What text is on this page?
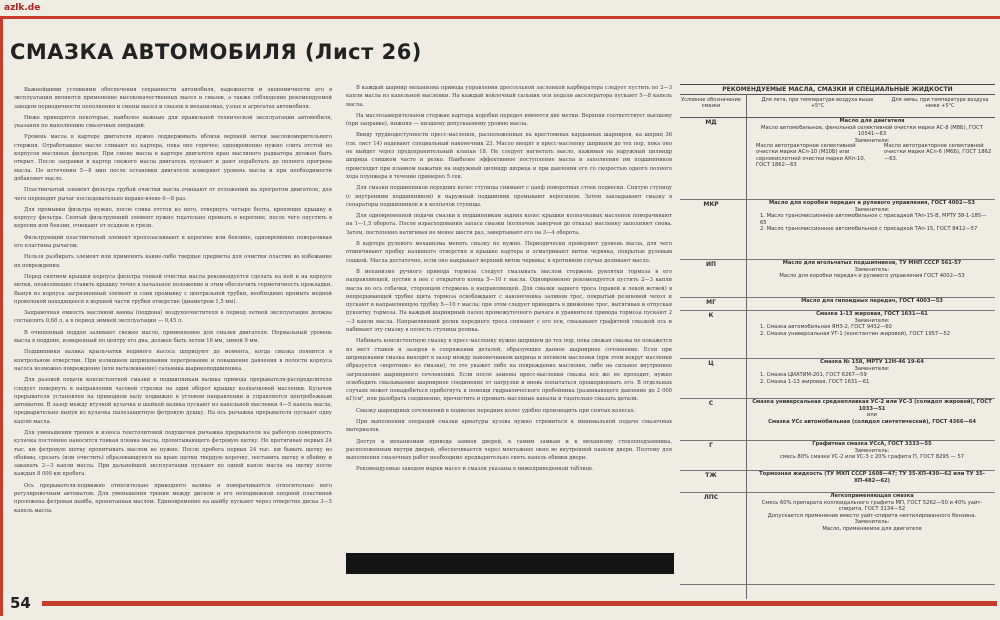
azlk.de
СМАЗКА АВТОМОБИЛЯ (Лист 26)

Важнейшими условиями обеспечения сохранности автомобиля, надежности и экономичности его в эксплуатации являются применение высококачественных масел и смазок, а также соблюдение рекомендуемой заводом периодичности пополнения и смены масел и смазок в механизмах, узлах и агрегатах автомобиля.

Ниже приводятся некоторые, наиболее важные для правильной технической эксплуатации автомобиля, указания по выполнению смазочных операций.

Уровень масла в картере двигателя нужно поддерживать вблизи верхней метки маслоизмерительного стержня. Отработавшее масло сливают из картера, пока оно горячее; одновременно нужно слить отстой из корпусов масляных фильтров. При смене масла в картере двигателя кран масляного радиатора должен быть открыт. После заправки в картер свежего масла двигатель пускают и дают поработать до полного прогрева масла. По истечении 5—8 мин после остановки двигателя измеряют уровень масла и при необходимости добавляют масло.

Пластинчатый элемент фильтра грубой очистки масла очищают от отложений на прогретом двигателе, для чего переводят рычаг последовательно вправо-влево 6—8 раз.

Для промывки фильтра нужно, после слива отстоя из него, отвернуть четыре болта, крепящих крышку к корпусу фильтра. Снятый фильтрующий элемент нужно тщательно промыть в керосине, после чего опустить в керосин или бензин, очищают от осадков и грязи.

Фильтрующий пластинчатый элемент прополаскивают в керосине или бензине, одновременно поворачивая его пластины рычагом.

Нельзя разбирать элемент или применять какие-либо твердые предметы для очистки пластин во избежание их повреждения.

Перед снятием крышки корпуса фильтра тонкой очистки масла рекомендуется сделать на ней и на корпусе метки, позволяющие ставить крышку точно в начальное положение и этим обеспечить герметичность прокладки. Вынув из корпуса загрязненный элемент и слив промывку с центральной трубки, необходимо промыть медной проволокой находящееся в верхней части трубки отверстие (диаметром 1,5 мм).

Заправочная емкость масляной ванны (поддона) воздухоочистителя в период летней эксплуатации должна составлять 0,68 л, а в период зимней эксплуатации — 0,45 л.

В очищенный поддон заливают свежее масло, применяемое для смазки двигателя. Нормальный уровень масла в поддоне, измеренный по центру его дна, должен быть летом 16 мм, зимой 9 мм.

Подшипники валика крыльчатки водяного насоса шприцуют до момента, когда смазка появится в контрольном отверстии. При излишнем шприцевании перегревание и повышение давления в полости корпуса насоса возможно повреждение (или выталкивание) сальника шарикоподшипника.

Для разовой подачи консистентной смазки к подшипникам валика привода прерывателя-распределителя следует повернуть в направлении часовой стрелки на один оборот крышку колпачковой масленки. Кулачок прерывателя установлен на приводном валу подвижно в угловом направлении и управляется центробежным автоматом. В зазор между втулкой кулачка и шейкой валика пускают из капельной масленки 4—5 капель масла, предварительно вынув из кулачка пылезащитную фетровую душку. На ось рычажка прерывателя пускают одну каплю масла.

Для уменьшения трения и износа текстолитовой подушечки рычажка прерывателя на рабочую поверхность кулачка постоянно наносится тонкая пленка масла, пропитывающего фетровую щетку. Не протягивая первых 24 тыс. км фетровую щетку пропитывать маслом не нужно. После пробега первых 24 тыс. км бывать щетку из обоймы, срезать (или очистить) образовавшуюся на краю щетки твердую корочку, поставить щетку в обойму и закапать 2—3 капли масла. При дальнейшей эксплуатации пускают по одной капле масла на щетку после каждых 8 000 км пробега.

Ось прерывателя-подвижно относительно приводного валика и поворачивается относительно него регулировочным автоматом. Для уменьшения трения между диском и его неподвижной опорной пластиной проложена фетровая шайба, пропитанная маслом. Единовременно на шайбу пускают через отверстие диска 3—5 капель масла.

В каждый шарнир механизма привода управления дроссельной заслонкой карбюратора следует пустить по 2—3 капли масла из капельной масленки. На каждый войлочный сальник оси педали акселератора пускают 5—8 капель масла.

На маслозамерительном стержне картера коробки передач имеются две метки. Верхняя соответствует высшему (при заправке), нижняя — низшему допускаемому уровню масла.

Ввиду труднодоступности пресс-масленок, расположенных на крестовинах карданных шарниров, на шприц 36 (см. лист 14) надевают специальный наконечник 23. Масло вводят в пресс-масленку шприцем до тех пор, пока оно не выйдет через предохранительный клапан 18. Не следует нагнетать масло, нажимая на наружный цилиндр шприца слишком часто и резко. Наиболее эффективное поступление масла и заполнение им подшипников происходит при плавном нажатии на наружный цилиндр шприца и при давлении его со скоростью одного полного хода плунжера в течение примерно 5 сек.

Для смазки подшипников передних колес ступицы снимают с цапф поворотных стоек подвески. Снятую ступицу (с внутренним подшипником) и наружный подшипник промывают керосином. Затем закладывают смазку в сепараторы подшипников и в колпачок ступицы.

Для одновременной подачи смазки к подшипникам задних колес крышки колпачковых масленок поворачивают на 1—1,5 оборота. После израсходования запаса смазки (колпачок заверчен до отказа) масленку заполняют снова. Затем, постепенно натягивая не менее шести раз, завертывают его на 3—4 оборота.

В картере рулевого механизма менять смазку не нужно. Периодически проверяют уровень масла, для чего отвинчивают пробку наливного отверстия в крышке картера и осматривают витки червяка, покрытые рулевым сошкой. Масла достаточно, если оно накрывает верхний виток червяка; в противном случае доливают масло.

В механизме ручного привода тормоза следует смазывать маслом стержень рукоятки тормоза в его направляющей, пустив в нее с открытого конца 5—10 г масла. Одновременно рекомендуется пустить 2—3 капли масла во ось собачки, сторонцем стержень в направляющей. Для смазки заднего троса (правой и левой ветвей) в непрерывающей трубке щита тормоза освобождают с наконечника заливом трос, покрытый резиновой чехол и пускают в направляющую трубку 5—10 г масла; при этом следует приводить в движение трос, вытягивая и отпуская рукоятку тормоза. На каждый шарнирный палец промежуточного рычага и уравнителя привода тормоза пускают 2—3 капли масла. Направляющий ролик переднего троса снимают с его оси, смазывают графитной смазкой ось и набивают эту смазку в полость ступицы ролика.

Набивать консистентную смазку в пресс-масленку нужно шприцем до тех пор, пока свежая смазка не покажется из мест стыков и зазоров в сопряжении деталей, образующих данное шарнирное сочленение. Если при шприцевании смазка выходит в зазор между наконечником шприца и носиком масленки (при этом вокруг масленки образуется «воротник» из смазки), то это укажет либо на повреждение масленки, либо на сильное внутреннее загрязнение шарнирного сочленения. Если после замены пресс-масленки смазка все же не проходит, нужно освободить смазываемое шарнирное соединение от нагрузки и вновь попытаться прошприцевать его. В отдельных случаях может понадобиться прибегнуть к помощи гидравлического пробойника (развивающего давление до 2 000 кГ/см², или разобрать соединение, прочистить и промыть масляные каналы и тщательно смазать детали.

Смазку шарнирных сочленений в подвеске передних колес удобно производить при снятых колесах.

При выполнении операций смазки арматуры кузова нужно стремиться к минимальной подаче смазочных материалов.

Доступ к механизмам привода замков дверей, к самим замкам и к механизму стеклоподъемника, расположенным внутри дверей, обеспечивается через монтажное окно во внутренней панели двери. Поэтому для выполнения смазочных работ необходимо предварительно снять панель обивки двери.

Рекомендуемые заводом марки масел и смазок указаны в нижеприведенной таблице.

РЕКОМЕНДУЕМЫЕ МАСЛА, СМАЗКИ И СПЕЦИАЛЬНЫЕ ЖИДКОСТИ
Условное обозначение смазки
Для лета, при температуре воздуха выше +5°С
Для зимы, при температуре воздуха ниже +5°С
МД	Масло для двигателя
Масло автомобильное, фенольной селективной очистки марки АС-8 (М8Б), ГОСТ 10541—63
Заменители:
Масло автотракторное селективной очистки марки АСп-10 (М10Б) или сернокислотной очистки марки АКп-10, ГОСТ 1862—63
Масло автотракторное селективной очистки марки АСп-6 (М6Б), ГОСТ 1862—63.
МКР	Масло для коробки передач и рулевого управления, ГОСТ 4002—53
Заменители:
1. Масло трансмиссионное автомобильное с присадкой ТАп-15-В, МРТУ 38-1-185—65
2. Масло трансмиссионное автомобильное с присадкой ТАп-15, ГОСТ 8412—57
ИП	Масло для игольчатых подшипников, ТУ МНП СССР 561-57
Заменитель:
Масло для коробки передач и рулевого управления ГОСТ 4002—53
МГ	Масло для гипоидных передач, ГОСТ 4003—53
К	Смазка 1-13 жировая, ГОСТ 1631—61
Заменители:
1. Смазка автомобильная ЯНЗ-2, ГОСТ 9432—60
2. Смазка универсальная УТ-1 (константин жировой), ГОСТ 1957—52
Ц	Смазка № 158, МРТУ 12Н-46 19-64
Заменители:
1. Смазка ЦИАТИМ-201, ГОСТ 6267—59
2. Смазка 1-13 жировая, ГОСТ 1631—61
С	Смазка универсальная среднеплавкая УС-2 или УС-3 (солидол жировой), ГОСТ 1033—51
или
Смазка УСс автомобильная (солидол синтетический), ГОСТ 4366—64
Г	Графитная смазка УСсА, ГОСТ 3333—55
Заменитель:
смесь 80% смазки УС-2 или УС-3 с 20% графита П, ГОСТ 8295 — 57
ТЖ	Тормозная жидкость (ТУ МХП СССР 1608—47; ТУ 35-ХП-430—62 или ТУ 35-ХП-482—62)
ЛПС	Легкоприменяющая смазка
Смесь 60% препарата коллоидального графита МП, ГОСТ 5262—50 и 40% уайт-спирита, ГОСТ 3134—52
Допускается применение вместо уайт-спирита неэтилированного бензина.
Заменитель:
Масло, применяемое для двигателя
54
